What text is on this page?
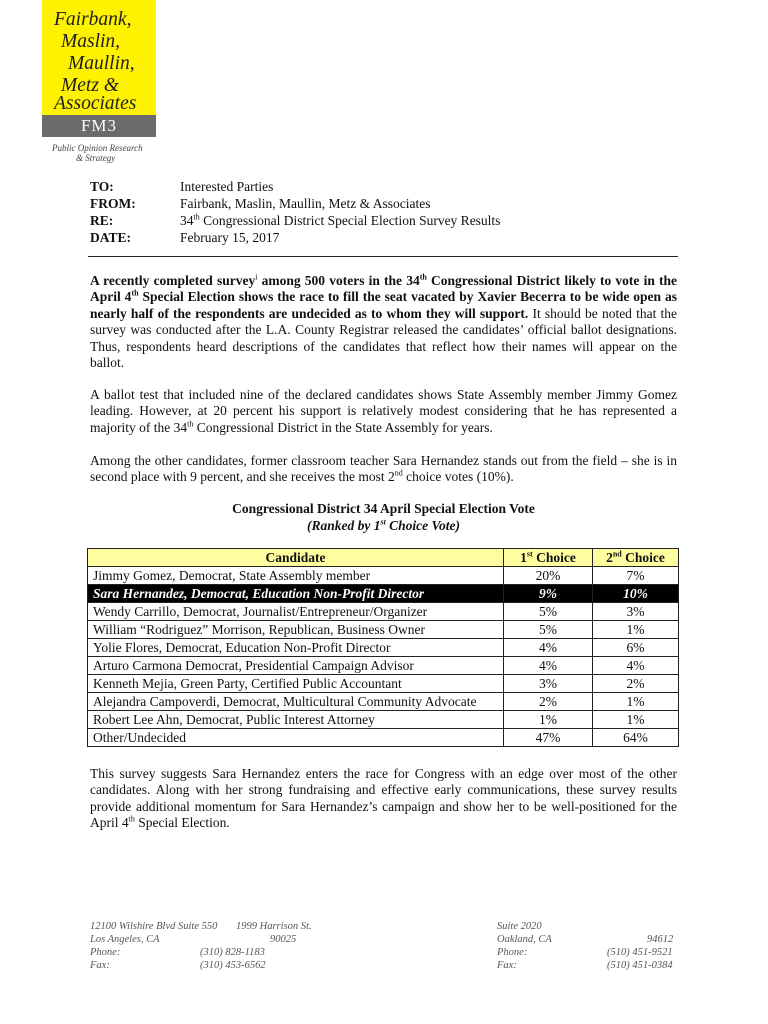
Fairbank,
Maslin,
Maullin,
Metz &
Associates
FM3
Public Opinion Research
& Strategy
TO:	Interested Parties
FROM:	Fairbank, Maslin, Maullin, Metz & Associates
RE:	34th Congressional District Special Election Survey Results
DATE:	February 15, 2017
A recently completed survey$^i$ among 500 voters in the 34th Congressional District likely to vote in the April 4th Special Election shows the race to fill the seat vacated by Xavier Becerra to be wide open as nearly half of the respondents are undecided as to whom they will support. It should be noted that the survey was conducted after the L.A. County Registrar released the candidates’ official ballot designations. Thus, respondents heard descriptions of the candidates that reflect how their names will appear on the ballot.
A ballot test that included nine of the declared candidates shows State Assembly member Jimmy Gomez leading. However, at 20 percent his support is relatively modest considering that he has represented a majority of the 34th Congressional District in the State Assembly for years.
Among the other candidates, former classroom teacher Sara Hernandez stands out from the field – she is in second place with 9 percent, and she receives the most 2nd choice votes (10%).
Congressional District 34 April Special Election Vote
(Ranked by 1st Choice Vote)
Candidate	1st Choice	2nd Choice
Jimmy Gomez, Democrat, State Assembly member	20%	7%
Sara Hernandez, Democrat, Education Non-Profit Director	9%	10%
Wendy Carrillo, Democrat, Journalist/Entrepreneur/Organizer	5%	3%
William “Rodriguez” Morrison, Republican, Business Owner	5%	1%
Yolie Flores, Democrat, Education Non-Profit Director	4%	6%
Arturo Carmona Democrat, Presidential Campaign Advisor	4%	4%
Kenneth Mejia, Green Party, Certified Public Accountant	3%	2%
Alejandra Campoverdi, Democrat, Multicultural Community Advocate	2%	1%
Robert Lee Ahn, Democrat, Public Interest Attorney	1%	1%
Other/Undecided	47%	64%
This survey suggests Sara Hernandez enters the race for Congress with an edge over most of the other candidates. Along with her strong fundraising and effective early communications, these survey results provide additional momentum for Sara Hernandez’s campaign and show her to be well-positioned for the April 4th Special Election.
12100 Wilshire Blvd Suite 550
Los Angeles, CA	90025
Phone:	(310) 828-1183
Fax:	(310) 453-6562
1999 Harrison St.	Suite 2020
Oakland, CA	94612
Phone:	(510) 451-9521
Fax:	(510) 451-0384
